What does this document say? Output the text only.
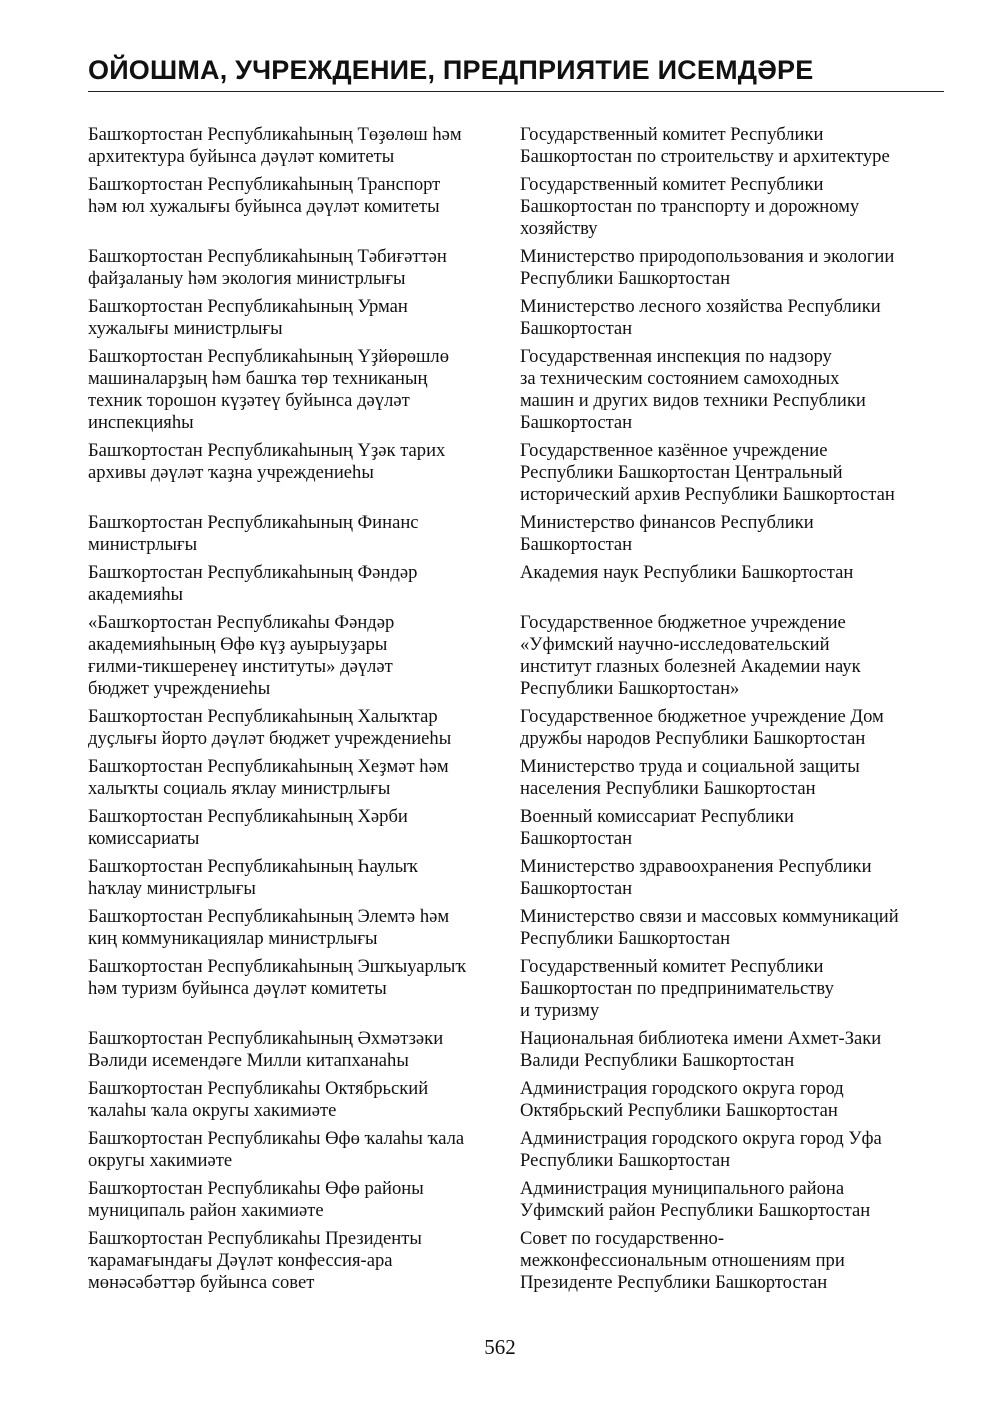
ОЙОШМА, УЧРЕЖДЕНИЕ, ПРЕДПРИЯТИЕ ИСЕМДӘРЕ
Башҡортостан Республикаһының Төҙөлөш һәм
архитектура буйынса дәүләт комитеты
Государственный комитет Республики
Башкортостан по строительству и архитектуре
Башҡортостан Республикаһының Транспорт
һәм юл хужалығы буйынса дәүләт комитеты
Государственный комитет Республики
Башкортостан по транспорту и дорожному
хозяйству
Башҡортостан Республикаһының Тәбиғәттән
файҙаланыу һәм экология министрлығы
Министерство природопользования и экологии
Республики Башкортостан
Башҡортостан Республикаһының Урман
хужалығы министрлығы
Министерство лесного хозяйства Республики
Башкортостан
Башҡортостан Республикаһының Үҙйөрөшлө
машиналарҙың һәм башҡа төр техниканың
техник торошон күҙәтеү буйынса дәүләт
инспекцияһы
Государственная инспекция по надзору
за техническим состоянием самоходных
машин и других видов техники Республики
Башкортостан
Башҡортостан Республикаһының Үҙәк тарих
архивы дәүләт ҡаҙна учреждениеһы
Государственное казённое учреждение
Республики Башкортостан Центральный
исторический архив Республики Башкортостан
Башҡортостан Республикаһының Финанс
министрлығы
Министерство финансов Республики
Башкортостан
Башҡортостан Республикаһының Фәндәр
академияһы
Академия наук Республики Башкортостан
«Башҡортостан Республикаһы Фәндәр
академияһының Өфө күҙ ауырыуҙары
ғилми-тикшеренеү институты» дәүләт
бюджет учреждениеһы
Государственное бюджетное учреждение
«Уфимский научно-исследовательский
институт глазных болезней Академии наук
Республики Башкортостан»
Башҡортостан Республикаһының Халыҡтар
дуҫлығы йорто дәүләт бюджет учреждениеһы
Государственное бюджетное учреждение Дом
дружбы народов Республики Башкортостан
Башҡортостан Республикаһының Хеҙмәт һәм
халыҡты социаль яҡлау министрлығы
Министерство труда и социальной защиты
населения Республики Башкортостан
Башҡортостан Республикаһының Хәрби
комиссариаты
Военный комиссариат Республики
Башкортостан
Башҡортостан Республикаһының Һаулыҡ
һаҡлау министрлығы
Министерство здравоохранения Республики
Башкортостан
Башҡортостан Республикаһының Элемтә һәм
киң коммуникациялар министрлығы
Министерство связи и массовых коммуникаций
Республики Башкортостан
Башҡортостан Республикаһының Эшҡыуарлыҡ
һәм туризм буйынса дәүләт комитеты
Государственный комитет Республики
Башкортостан по предпринимательству
и туризму
Башҡортостан Республикаһының Әхмәтзәки
Вәлиди исемендәге Милли китапханаһы
Национальная библиотека имени Ахмет-Заки
Валиди Республики Башкортостан
Башҡортостан Республикаһы Октябрьский
ҡалаһы ҡала округы хакимиәте
Администрация городского округа город
Октябрьский Республики Башкортостан
Башҡортостан Республикаһы Өфө ҡалаһы ҡала
округы хакимиәте
Администрация городского округа город Уфа
Республики Башкортостан
Башҡортостан Республикаһы Өфө районы
муниципаль район хакимиәте
Администрация муниципального района
Уфимский район Республики Башкортостан
Башҡортостан Республикаһы Президенты
ҡарамағындағы Дәүләт конфессия-ара
мөнәсәбәттәр буйынса совет
Совет по государственно-
межконфессиональным отношениям при
Президенте Республики Башкортостан
562
